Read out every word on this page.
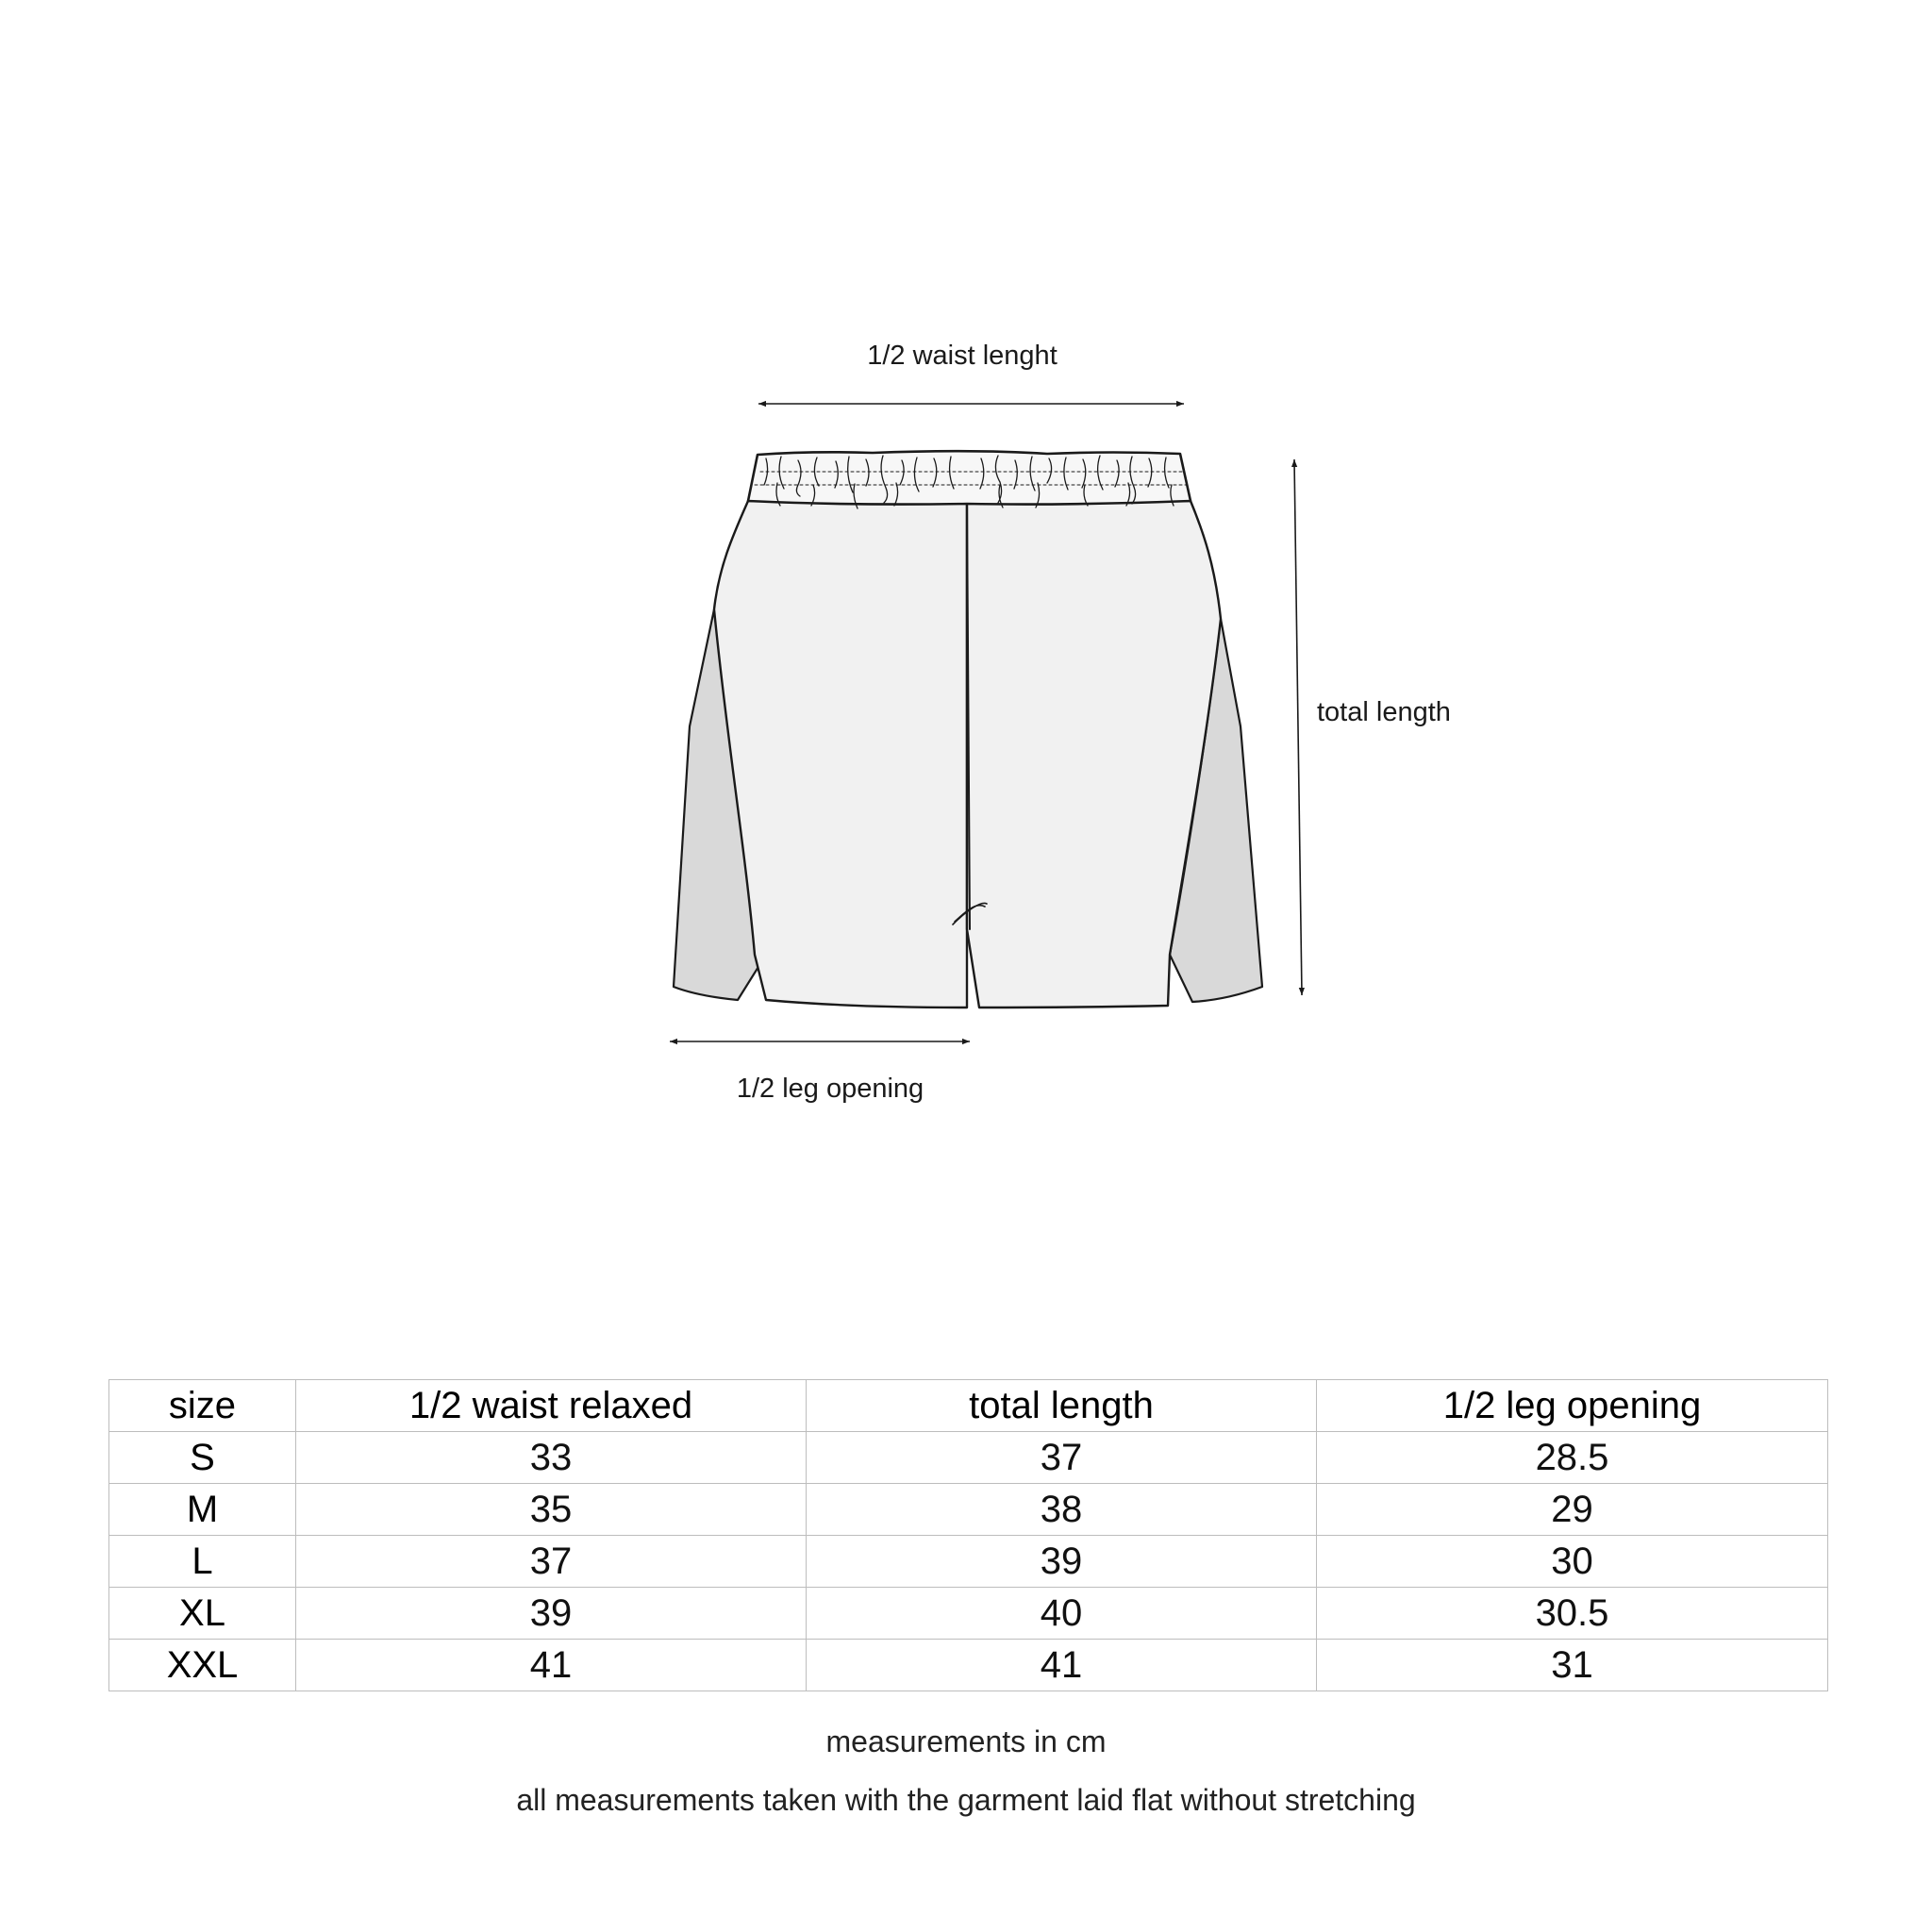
1/2 waist lenght
total length
1/2 leg opening
size	1/2 waist relaxed	total length	1/2 leg opening
S	33	37	28.5
M	35	38	29
L	37	39	30
XL	39	40	30.5
XXL	41	41	31
measurements in cm
all measurements taken with the garment laid flat without stretching
